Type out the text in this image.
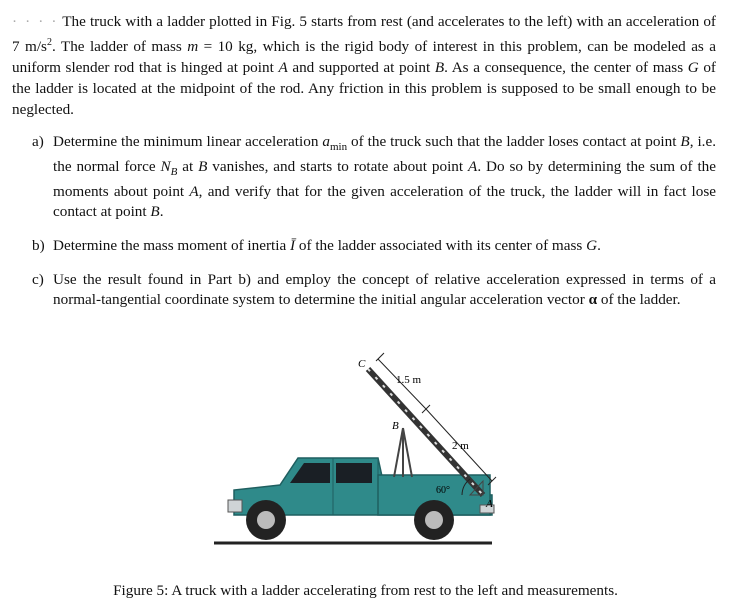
· · · · The truck with a ladder plotted in Fig. 5 starts from rest (and accelerates to the left) with an acceleration of 7 $m/s^2$. The ladder of mass m = 10 kg, which is the rigid body of interest in this problem, can be modeled as a uniform slender rod that is hinged at point A and supported at point B. As a consequence, the center of mass G of the ladder is located at the midpoint of the rod. Any friction in this problem is supposed to be small enough to be neglected.
a) Determine the minimum linear acceleration $a_{min}$ of the truck such that the ladder loses contact at point B, i.e. the normal force $N_B$ at B vanishes, and starts to rotate about point A. Do so by determining the sum of the moments about point A, and verify that for the given acceleration of the truck, the ladder will in fact lose contact at point B.
b) Determine the mass moment of inertia Ī of the ladder associated with its center of mass G.
c) Use the result found in Part b) and employ the concept of relative acceleration expressed in terms of a normal-tangential coordinate system to determine the initial angular acceleration vector α of the ladder.
C
B
A
1.5 m
2 m
60°
Figure 5: A truck with a ladder accelerating from rest to the left and measurements.
